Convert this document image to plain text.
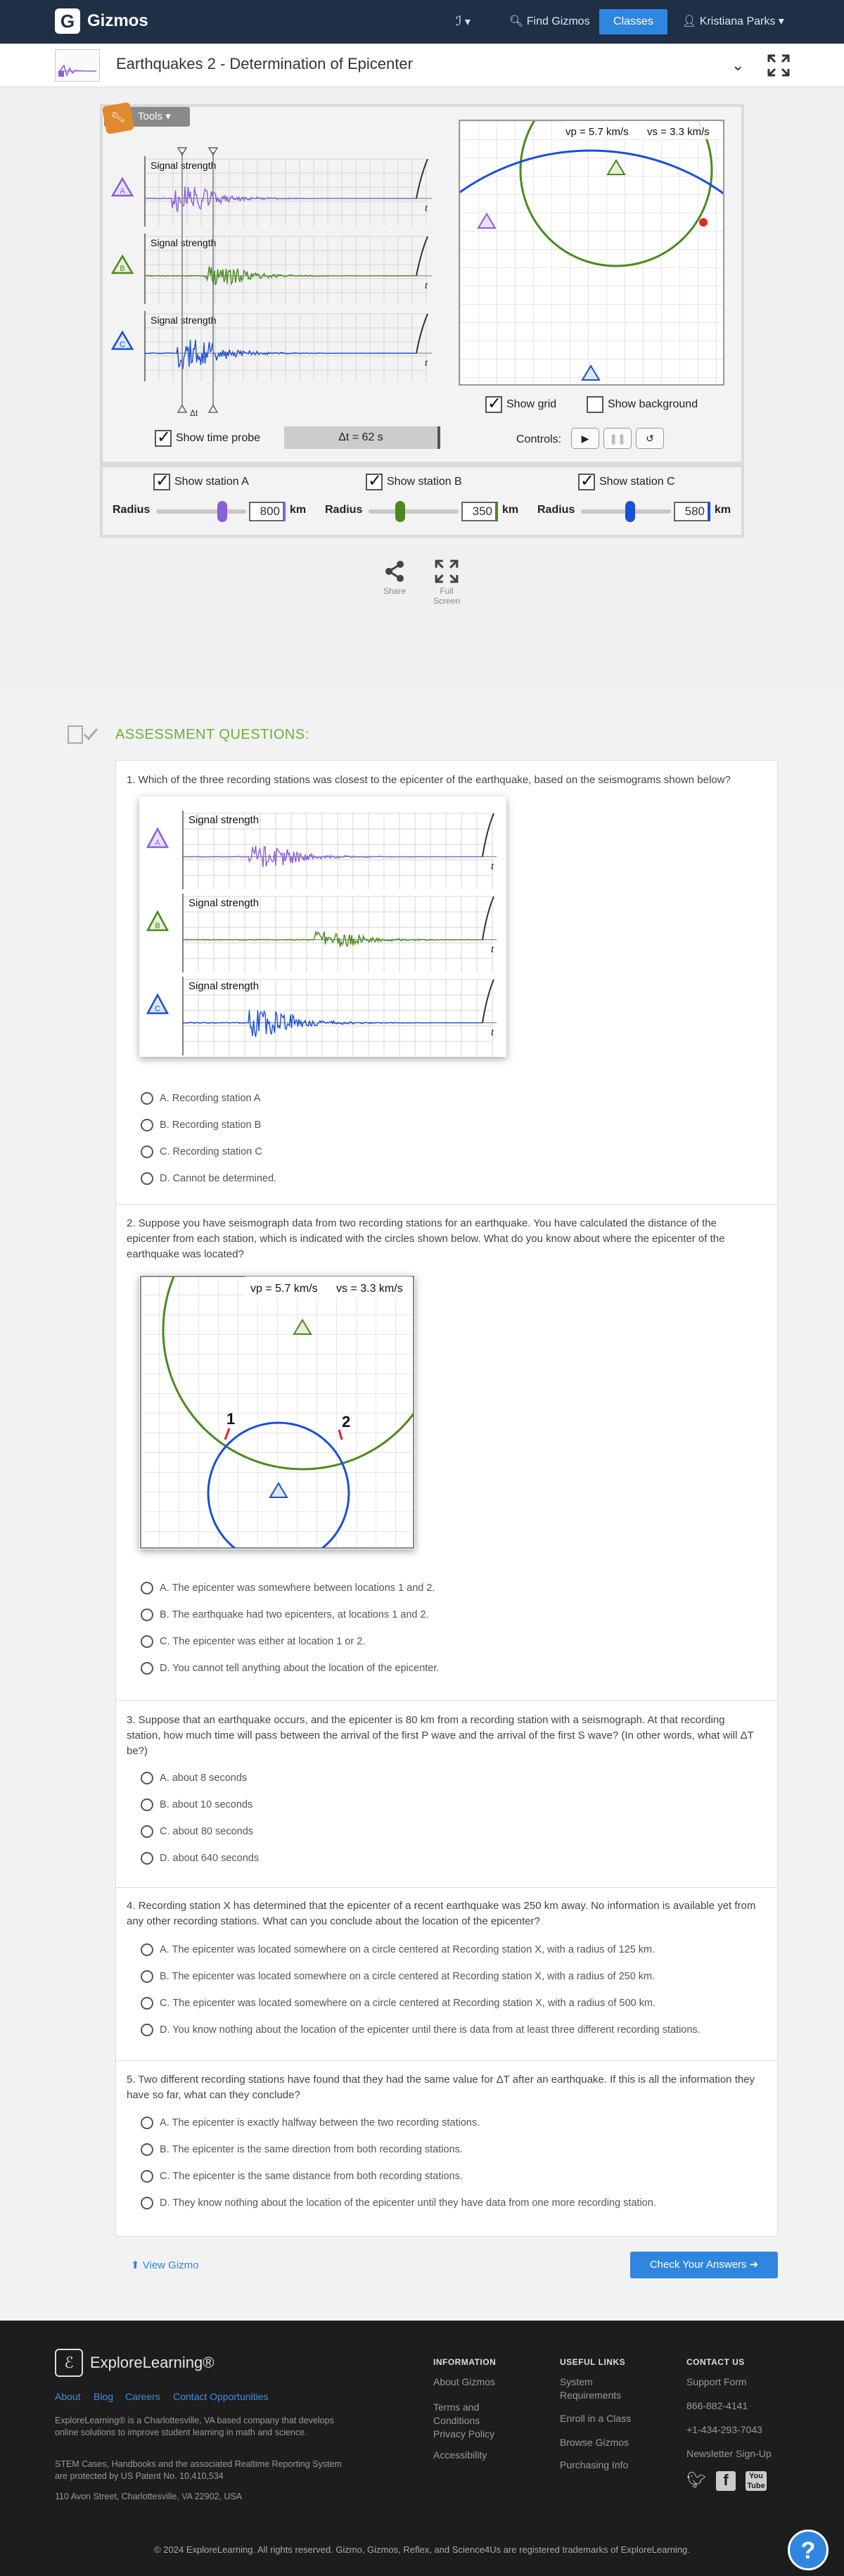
G Gizmos	ℐ ▾	🔍︎ Find Gizmos	Classes	👤︎ Kristiana Parks ▾
Earthquakes 2 - Determination of Epicenter	⌄
Tools ▾
🔧︎
Signal strength
t
Signal strength
t
Signal strength
t
Δt
A
B
C
vp = 5.7 km/s vs = 3.3 km/s
✓
Show grid	Show background
✓
Show time probe	Δt = 62 s	Controls:	▶	❚❚	↺
✓
Show station A
Radius	800 km
✓
Show station B
Radius	350 km
✓
Show station C
Radius	580 km
Share	Full Screen
ASSESSMENT QUESTIONS:
1. Which of the three recording stations was closest to the epicenter of the earthquake, based on the seismograms shown below?
A. Recording station A
B. Recording station B
C. Recording station C
D. Cannot be determined.
2. Suppose you have seismograph data from two recording stations for an earthquake. You have calculated the distance of the epicenter from each station, which is indicated with the circles shown below. What do you know about where the epicenter of the earthquake was located?
A. The epicenter was somewhere between locations 1 and 2.
B. The earthquake had two epicenters, at locations 1 and 2.
C. The epicenter was either at location 1 or 2.
D. You cannot tell anything about the location of the epicenter.
3. Suppose that an earthquake occurs, and the epicenter is 80 km from a recording station with a seismograph. At that recording station, how much time will pass between the arrival of the first P wave and the arrival of the first S wave? (In other words, what will ΔT be?)
A. about 8 seconds
B. about 10 seconds
C. about 80 seconds
D. about 640 seconds
4. Recording station X has determined that the epicenter of a recent earthquake was 250 km away. No information is available yet from any other recording stations. What can you conclude about the location of the epicenter?
A. The epicenter was located somewhere on a circle centered at Recording station X, with a radius of 125 km.
B. The epicenter was located somewhere on a circle centered at Recording station X, with a radius of 250 km.
C. The epicenter was located somewhere on a circle centered at Recording station X, with a radius of 500 km.
D. You know nothing about the location of the epicenter until there is data from at least three different recording stations.
5. Two different recording stations have found that they had the same value for ΔT after an earthquake. If this is all the information they have so far, what can they conclude?
A. The epicenter is exactly halfway between the two recording stations.
B. The epicenter is the same direction from both recording stations.
C. The epicenter is the same distance from both recording stations.
D. They know nothing about the location of the epicenter until they have data from one more recording station.
Signal strength
t
A
Signal strength
t
B
Signal strength
t
C
1	2
vp = 5.7 km/s vs = 3.3 km/s
⬆ View Gizmo	Check Your Answers ➔
ℰ	ExploreLearning®
About Blog Careers Contact Opportunities
About Gizmos
Terms and Conditions
Privacy Policy
Accessibility
System Requirements
Enroll in a Class
Browse Gizmos
Purchasing Info
Support Form
866-882-4141
+1-434-293-7043
Newsletter Sign-Up
ExploreLearning® is a Charlottesville, VA based company that develops online solutions to improve student learning in math and science.
STEM Cases, Handbooks and the associated Realtime Reporting System are protected by US Patent No. 10,410,534
110 Avon Street, Charlottesville, VA 22902, USA
INFORMATION	USEFUL LINKS	CONTACT US
🐦︎	f	You
Tube
© 2024 ExploreLearning. All rights reserved. Gizmo, Gizmos, Reflex, and Science4Us are registered trademarks of ExploreLearning.	?
